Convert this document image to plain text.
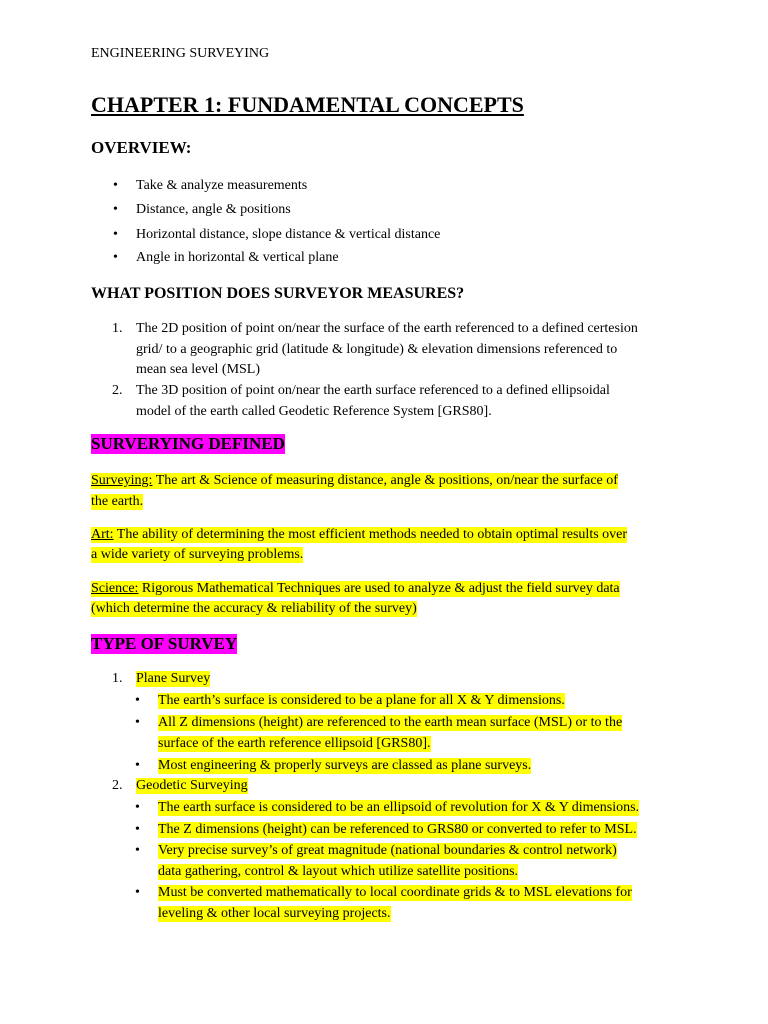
ENGINEERING SURVEYING
CHAPTER 1: FUNDAMENTAL CONCEPTS
OVERVIEW:
• Take & analyze measurements
• Distance, angle & positions
• Horizontal distance, slope distance & vertical distance
• Angle in horizontal & vertical plane
WHAT POSITION DOES SURVEYOR MEASURES?
1. The 2D position of point on/near the surface of the earth referenced to a defined certesion
grid/ to a geographic grid (latitude & longitude) & elevation dimensions referenced to
mean sea level (MSL)
2. The 3D position of point on/near the earth surface referenced to a defined ellipsoidal
model of the earth called Geodetic Reference System [GRS80].
SURVERYING DEFINED
Surveying: The art & Science of measuring distance, angle & positions, on/near the surface of
the earth.
Art: The ability of determining the most efficient methods needed to obtain optimal results over
a wide variety of surveying problems.
Science: Rigorous Mathematical Techniques are used to analyze & adjust the field survey data
(which determine the accuracy & reliability of the survey)
TYPE OF SURVEY
1. Plane Survey
• The earth’s surface is considered to be a plane for all X & Y dimensions.
• All Z dimensions (height) are referenced to the earth mean surface (MSL) or to the
surface of the earth reference ellipsoid [GRS80].
• Most engineering & properly surveys are classed as plane surveys.
2. Geodetic Surveying
• The earth surface is considered to be an ellipsoid of revolution for X & Y dimensions.
• The Z dimensions (height) can be referenced to GRS80 or converted to refer to MSL.
• Very precise survey’s of great magnitude (national boundaries & control network)
data gathering, control & layout which utilize satellite positions.
• Must be converted mathematically to local coordinate grids & to MSL elevations for
leveling & other local surveying projects.
